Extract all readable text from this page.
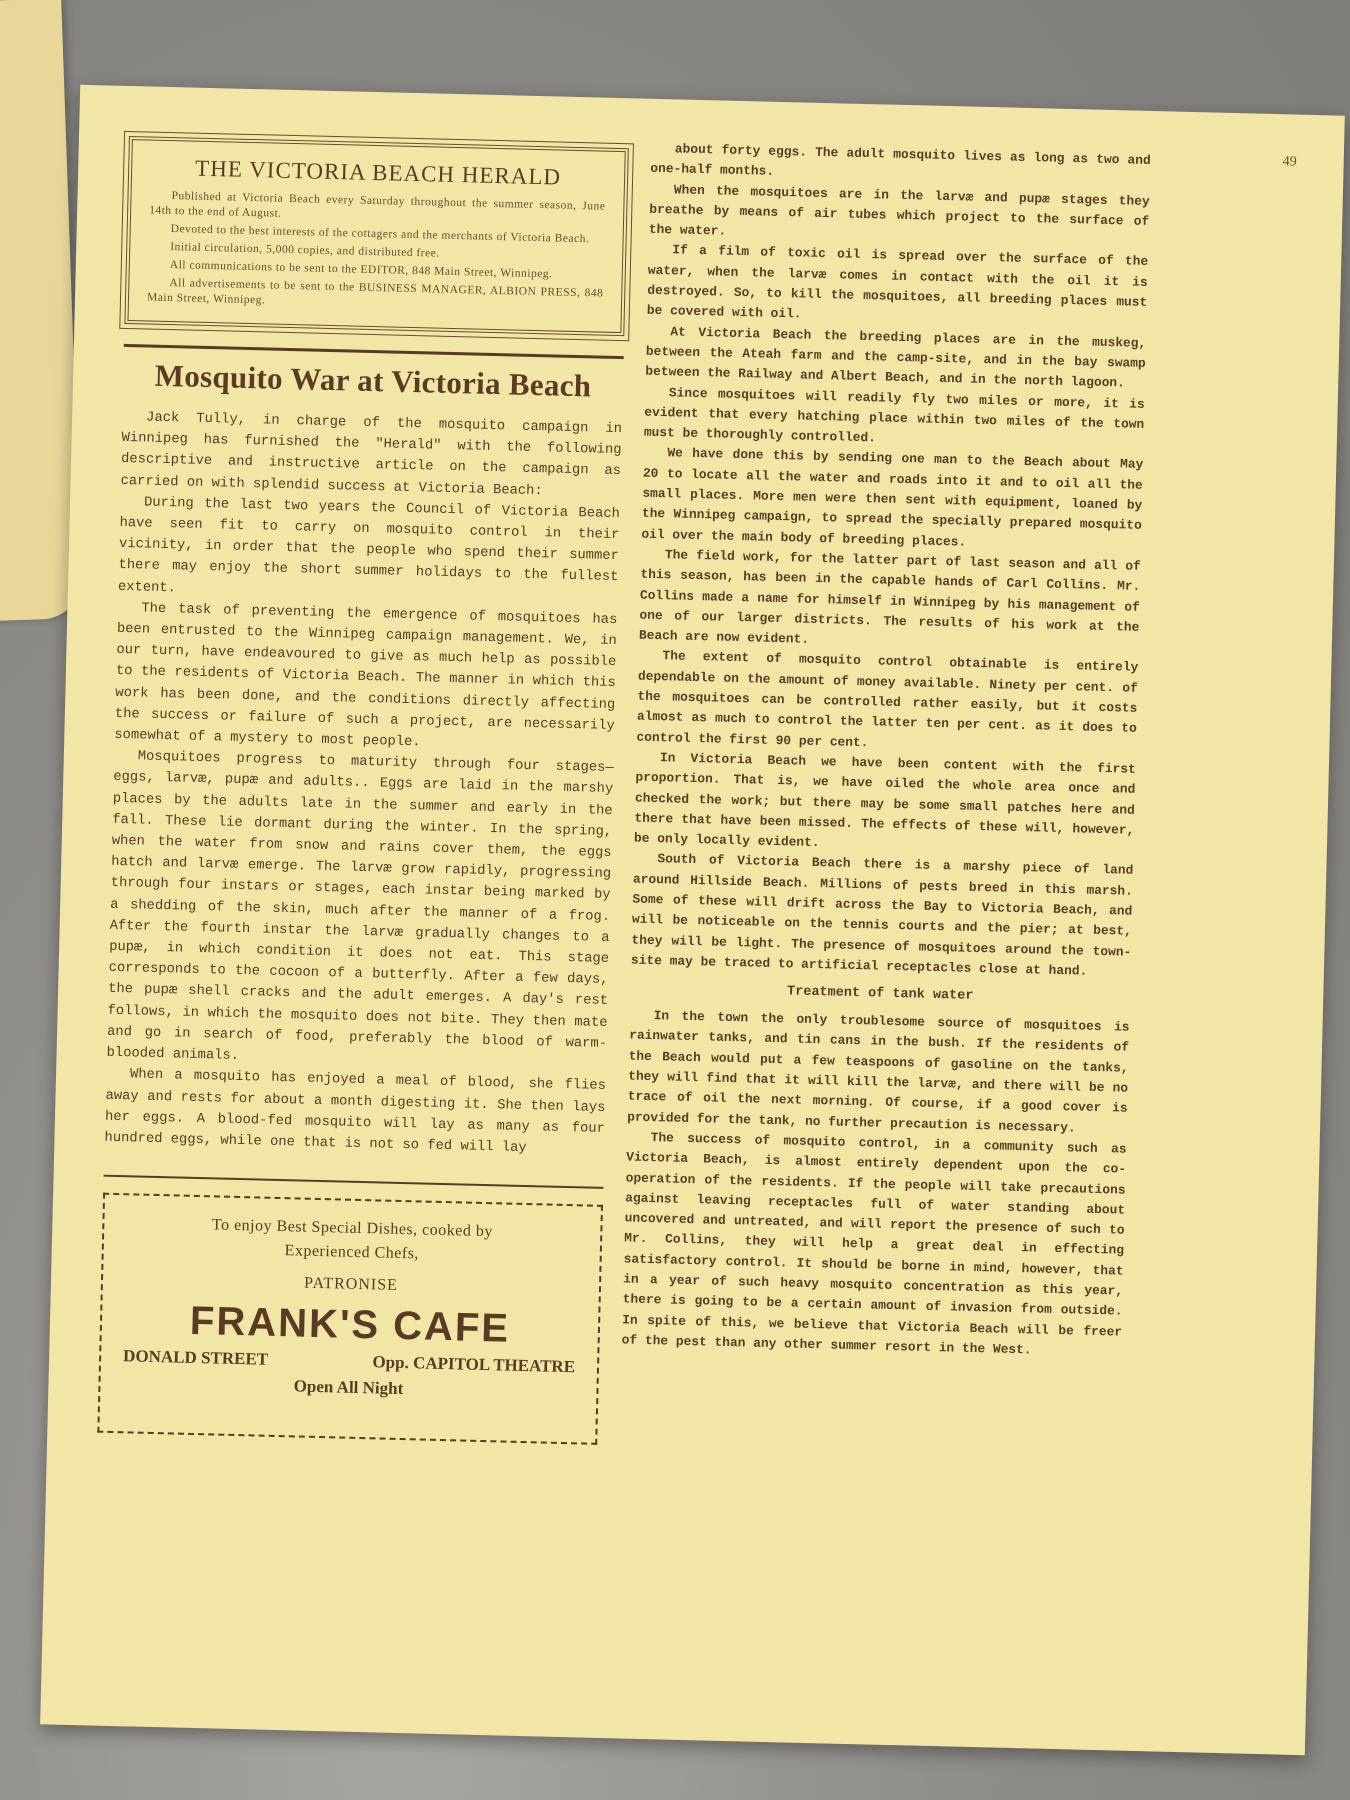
49
THE VICTORIA BEACH HERALD

Published at Victoria Beach every Saturday throughout the summer season, June 14th to the end of August.

Devoted to the best interests of the cottagers and the merchants of Victoria Beach.

Initial circulation, 5,000 copies, and distributed free.

All communications to be sent to the EDITOR, 848 Main Street, Winnipeg.

All advertisements to be sent to the BUSINESS MANAGER, ALBION PRESS, 848 Main Street, Winnipeg.

Mosquito War at Victoria Beach

Jack Tully, in charge of the mosquito campaign in Winnipeg has furnished the "Herald" with the following descriptive and instructive article on the campaign as carried on with splendid success at Victoria Beach:

During the last two years the Council of Victoria Beach have seen fit to carry on mosquito control in their vicinity, in order that the people who spend their summer there may enjoy the short summer holidays to the fullest extent.

The task of preventing the emergence of mosquitoes has been entrusted to the Winnipeg campaign management. We, in our turn, have endeavoured to give as much help as possible to the residents of Victoria Beach. The manner in which this work has been done, and the conditions directly affecting the success or failure of such a project, are necessarily somewhat of a mystery to most people.

Mosquitoes progress to maturity through four stages— eggs, larvæ, pupæ and adults.. Eggs are laid in the marshy places by the adults late in the summer and early in the fall. These lie dormant during the winter. In the spring, when the water from snow and rains cover them, the eggs hatch and larvæ emerge. The larvæ grow rapidly, progressing through four instars or stages, each instar being marked by a shedding of the skin, much after the manner of a frog. After the fourth instar the larvæ gradually changes to a pupæ, in which condition it does not eat. This stage corresponds to the cocoon of a butterfly. After a few days, the pupæ shell cracks and the adult emerges. A day's rest follows, in which the mosquito does not bite. They then mate and go in search of food, preferably the blood of warm-blooded animals.

When a mosquito has enjoyed a meal of blood, she flies away and rests for about a month digesting it. She then lays her eggs. A blood-fed mosquito will lay as many as four hundred eggs, while one that is not so fed will lay

To enjoy Best Special Dishes, cooked by
Experienced Chefs,
PATRONISE
FRANK'S CAFE
DONALD STREET	Opp. CAPITOL THEATRE
Open All Night

about forty eggs. The adult mosquito lives as long as two and one-half months.

When the mosquitoes are in the larvæ and pupæ stages they breathe by means of air tubes which project to the surface of the water.

If a film of toxic oil is spread over the surface of the water, when the larvæ comes in contact with the oil it is destroyed. So, to kill the mosquitoes, all breeding places must be covered with oil.

At Victoria Beach the breeding places are in the muskeg, between the Ateah farm and the camp-site, and in the bay swamp between the Railway and Albert Beach, and in the north lagoon.

Since mosquitoes will readily fly two miles or more, it is evident that every hatching place within two miles of the town must be thoroughly controlled.

We have done this by sending one man to the Beach about May 20 to locate all the water and roads into it and to oil all the small places. More men were then sent with equipment, loaned by the Winnipeg campaign, to spread the specially prepared mosquito oil over the main body of breeding places.

The field work, for the latter part of last season and all of this season, has been in the capable hands of Carl Collins. Mr. Collins made a name for himself in Winnipeg by his management of one of our larger districts. The results of his work at the Beach are now evident.

The extent of mosquito control obtainable is entirely dependable on the amount of money available. Ninety per cent. of the mosquitoes can be controlled rather easily, but it costs almost as much to control the latter ten per cent. as it does to control the first 90 per cent.

In Victoria Beach we have been content with the first proportion. That is, we have oiled the whole area once and checked the work; but there may be some small patches here and there that have been missed. The effects of these will, however, be only locally evident.

South of Victoria Beach there is a marshy piece of land around Hillside Beach. Millions of pests breed in this marsh. Some of these will drift across the Bay to Victoria Beach, and will be noticeable on the tennis courts and the pier; at best, they will be light. The presence of mosquitoes around the town-site may be traced to artificial receptacles close at hand.

Treatment of tank water

In the town the only troublesome source of mosquitoes is rainwater tanks, and tin cans in the bush. If the residents of the Beach would put a few teaspoons of gasoline on the tanks, they will find that it will kill the larvæ, and there will be no trace of oil the next morning. Of course, if a good cover is provided for the tank, no further precaution is necessary.

The success of mosquito control, in a community such as Victoria Beach, is almost entirely dependent upon the co-operation of the residents. If the people will take precautions against leaving receptacles full of water standing about uncovered and untreated, and will report the presence of such to Mr. Collins, they will help a great deal in effecting satisfactory control. It should be borne in mind, however, that in a year of such heavy mosquito concentration as this year, there is going to be a certain amount of invasion from outside. In spite of this, we believe that Victoria Beach will be freer of the pest than any other summer resort in the West.
